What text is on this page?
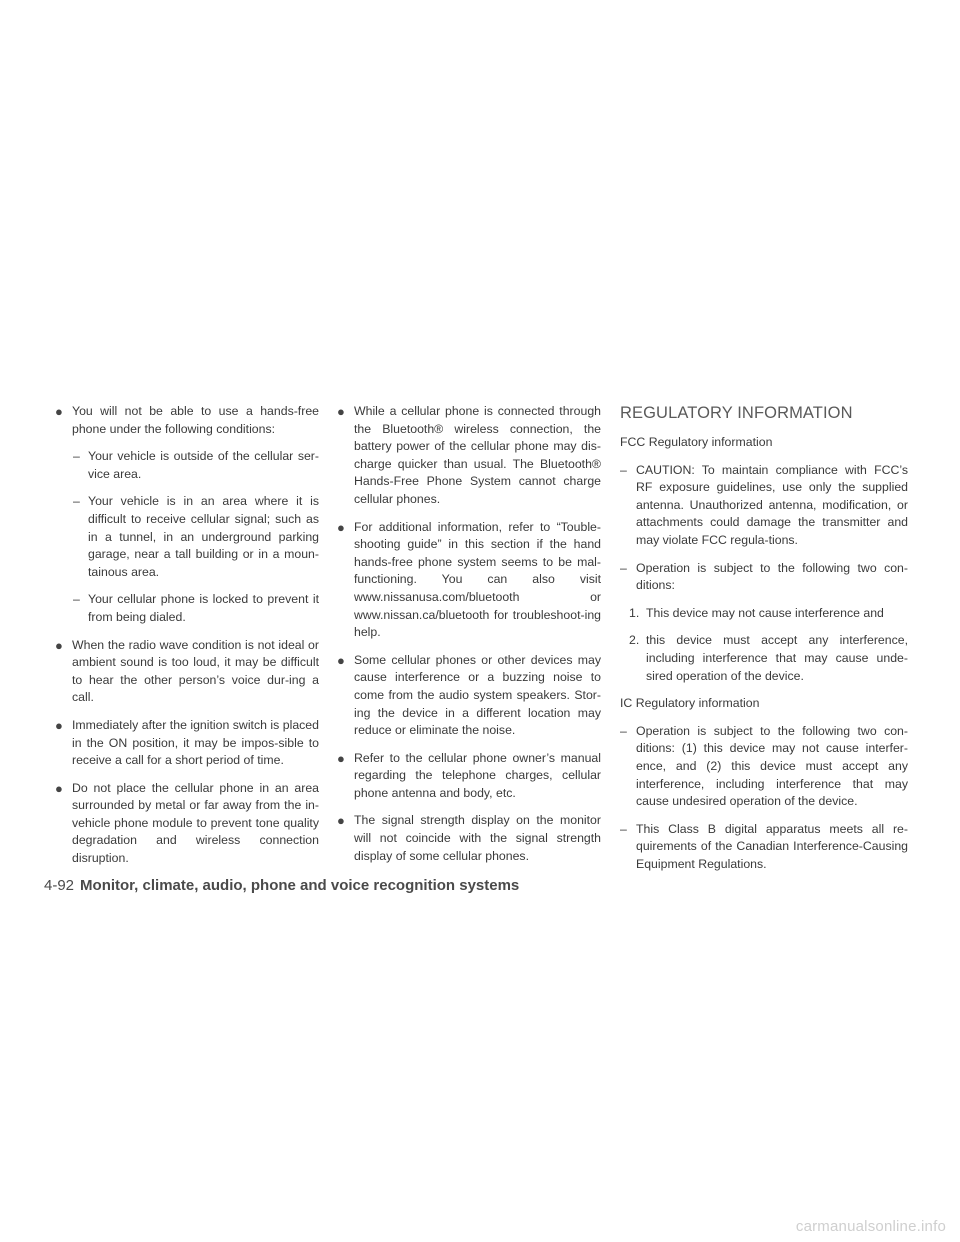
● You will not be able to use a hands-free phone under the following conditions:

– Your vehicle is outside of the cellular ser-vice area.

– Your vehicle is in an area where it is difficult to receive cellular signal; such as in a tunnel, in an underground parking garage, near a tall building or in a moun-tainous area.

– Your cellular phone is locked to prevent it from being dialed.

● When the radio wave condition is not ideal or ambient sound is too loud, it may be difficult to hear the other person’s voice dur-ing a call.

● Immediately after the ignition switch is placed in the ON position, it may be impos-sible to receive a call for a short period of time.

● Do not place the cellular phone in an area surrounded by metal or far away from the in-vehicle phone module to prevent tone quality degradation and wireless connection disruption.

● While a cellular phone is connected through the Bluetooth® wireless connection, the battery power of the cellular phone may dis-charge quicker than usual. The Bluetooth® Hands-Free Phone System cannot charge cellular phones.

● For additional information, refer to “Touble-shooting guide” in this section if the hand hands-free phone system seems to be mal-functioning. You can also visit www.nissanusa.com/bluetooth or www.nissan.ca/bluetooth for troubleshoot-ing help.

● Some cellular phones or other devices may cause interference or a buzzing noise to come from the audio system speakers. Stor-ing the device in a different location may reduce or eliminate the noise.

● Refer to the cellular phone owner’s manual regarding the telephone charges, cellular phone antenna and body, etc.

● The signal strength display on the monitor will not coincide with the signal strength display of some cellular phones.

REGULATORY INFORMATION

FCC Regulatory information

– CAUTION: To maintain compliance with FCC’s RF exposure guidelines, use only the supplied antenna. Unauthorized antenna, modification, or attachments could damage the transmitter and may violate FCC regula-tions.

– Operation is subject to the following two con-ditions:

1. This device may not cause interference and

2. this device must accept any interference, including interference that may cause unde-sired operation of the device.

IC Regulatory information

– Operation is subject to the following two con-ditions: (1) this device may not cause interfer-ence, and (2) this device must accept any interference, including interference that may cause undesired operation of the device.

– This Class B digital apparatus meets all re-quirements of the Canadian Interference-Causing Equipment Regulations.

4-92 Monitor, climate, audio, phone and voice recognition systems
carmanualsonline.info
